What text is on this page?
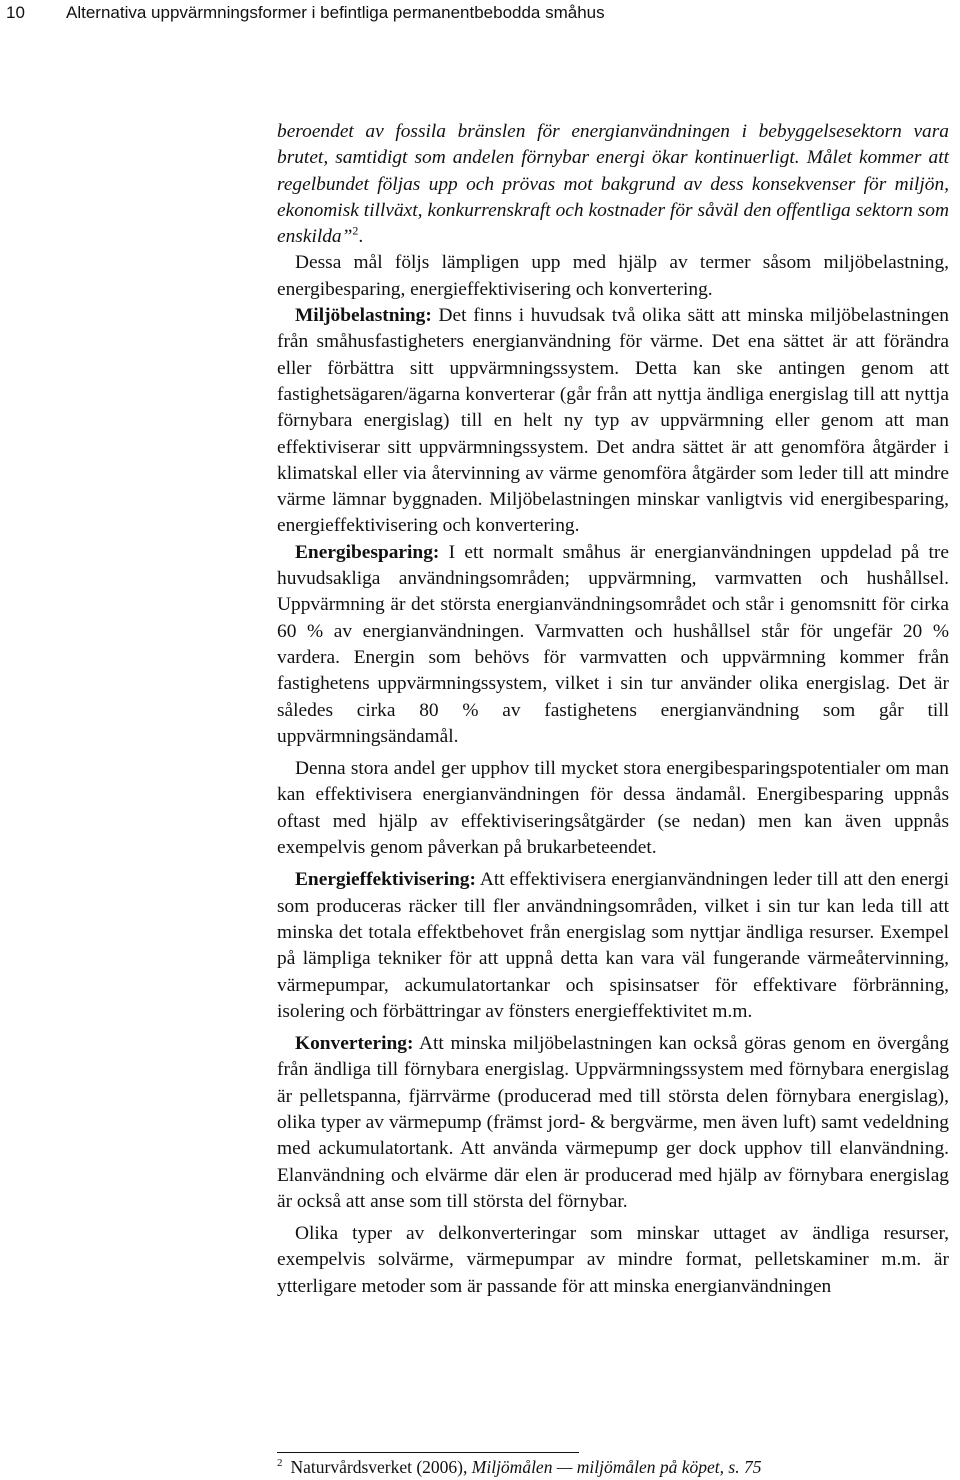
10 Alternativa uppvärmningsformer i befintliga permanentbebodda småhus

beroendet av fossila bränslen för energianvändningen i bebyggelsesektorn vara brutet, samtidigt som andelen förnybar energi ökar kontinuerligt. Målet kommer att regelbundet följas upp och prövas mot bakgrund av dess konsekvenser för miljön, ekonomisk tillväxt, konkurrenskraft och kostnader för såväl den offentliga sektorn som enskilda”$^2$.

Dessa mål följs lämpligen upp med hjälp av termer såsom miljöbelastning, energibesparing, energieffektivisering och konvertering.

Miljöbelastning: Det finns i huvudsak två olika sätt att minska miljöbelastningen från småhusfastigheters energianvändning för värme. Det ena sättet är att förändra eller förbättra sitt uppvärmningssystem. Detta kan ske antingen genom att fastighetsägaren/ägarna konverterar (går från att nyttja ändliga energislag till att nyttja förnybara energislag) till en helt ny typ av uppvärmning eller genom att man effektiviserar sitt uppvärmningssystem. Det andra sättet är att genomföra åtgärder i klimatskal eller via återvinning av värme genomföra åtgärder som leder till att mindre värme lämnar byggnaden. Miljöbelastningen minskar vanligtvis vid energibesparing, energieffektivisering och konvertering.

Energibesparing: I ett normalt småhus är energianvändningen uppdelad på tre huvudsakliga användningsområden; uppvärmning, varmvatten och hushållsel. Uppvärmning är det största energianvändningsområdet och står i genomsnitt för cirka 60 % av energianvändningen. Varmvatten och hushållsel står för ungefär 20 % vardera. Energin som behövs för varmvatten och uppvärmning kommer från fastighetens uppvärmningssystem, vilket i sin tur använder olika energislag. Det är således cirka 80 % av fastighetens energianvändning som går till uppvärmningsändamål.

Denna stora andel ger upphov till mycket stora energibesparingspotentialer om man kan effektivisera energianvändningen för dessa ändamål. Energibesparing uppnås oftast med hjälp av effektiviseringsåtgärder (se nedan) men kan även uppnås exempelvis genom påverkan på brukarbeteendet.

Energieffektivisering: Att effektivisera energianvändningen leder till att den energi som produceras räcker till fler användningsområden, vilket i sin tur kan leda till att minska det totala effektbehovet från energislag som nyttjar ändliga resurser. Exempel på lämpliga tekniker för att uppnå detta kan vara väl fungerande värmeåtervinning, värmepumpar, ackumulatortankar och spisinsatser för effektivare förbränning, isolering och förbättringar av fönsters energieffektivitet m.m.

Konvertering: Att minska miljöbelastningen kan också göras genom en övergång från ändliga till förnybara energislag. Uppvärmningssystem med förnybara energislag är pelletspanna, fjärrvärme (producerad med till största delen förnybara energislag), olika typer av värmepump (främst jord- & bergvärme, men även luft) samt vedeldning med ackumulatortank. Att använda värmepump ger dock upphov till elanvändning. Elanvändning och elvärme där elen är producerad med hjälp av förnybara energislag är också att anse som till största del förnybar.

Olika typer av delkonverteringar som minskar uttaget av ändliga resurser, exempelvis solvärme, värmepumpar av mindre format, pelletskaminer m.m. är ytterligare metoder som är passande för att minska energianvändningen

$^2$ Naturvårdsverket (2006), Miljömålen — miljömålen på köpet, s. 75
